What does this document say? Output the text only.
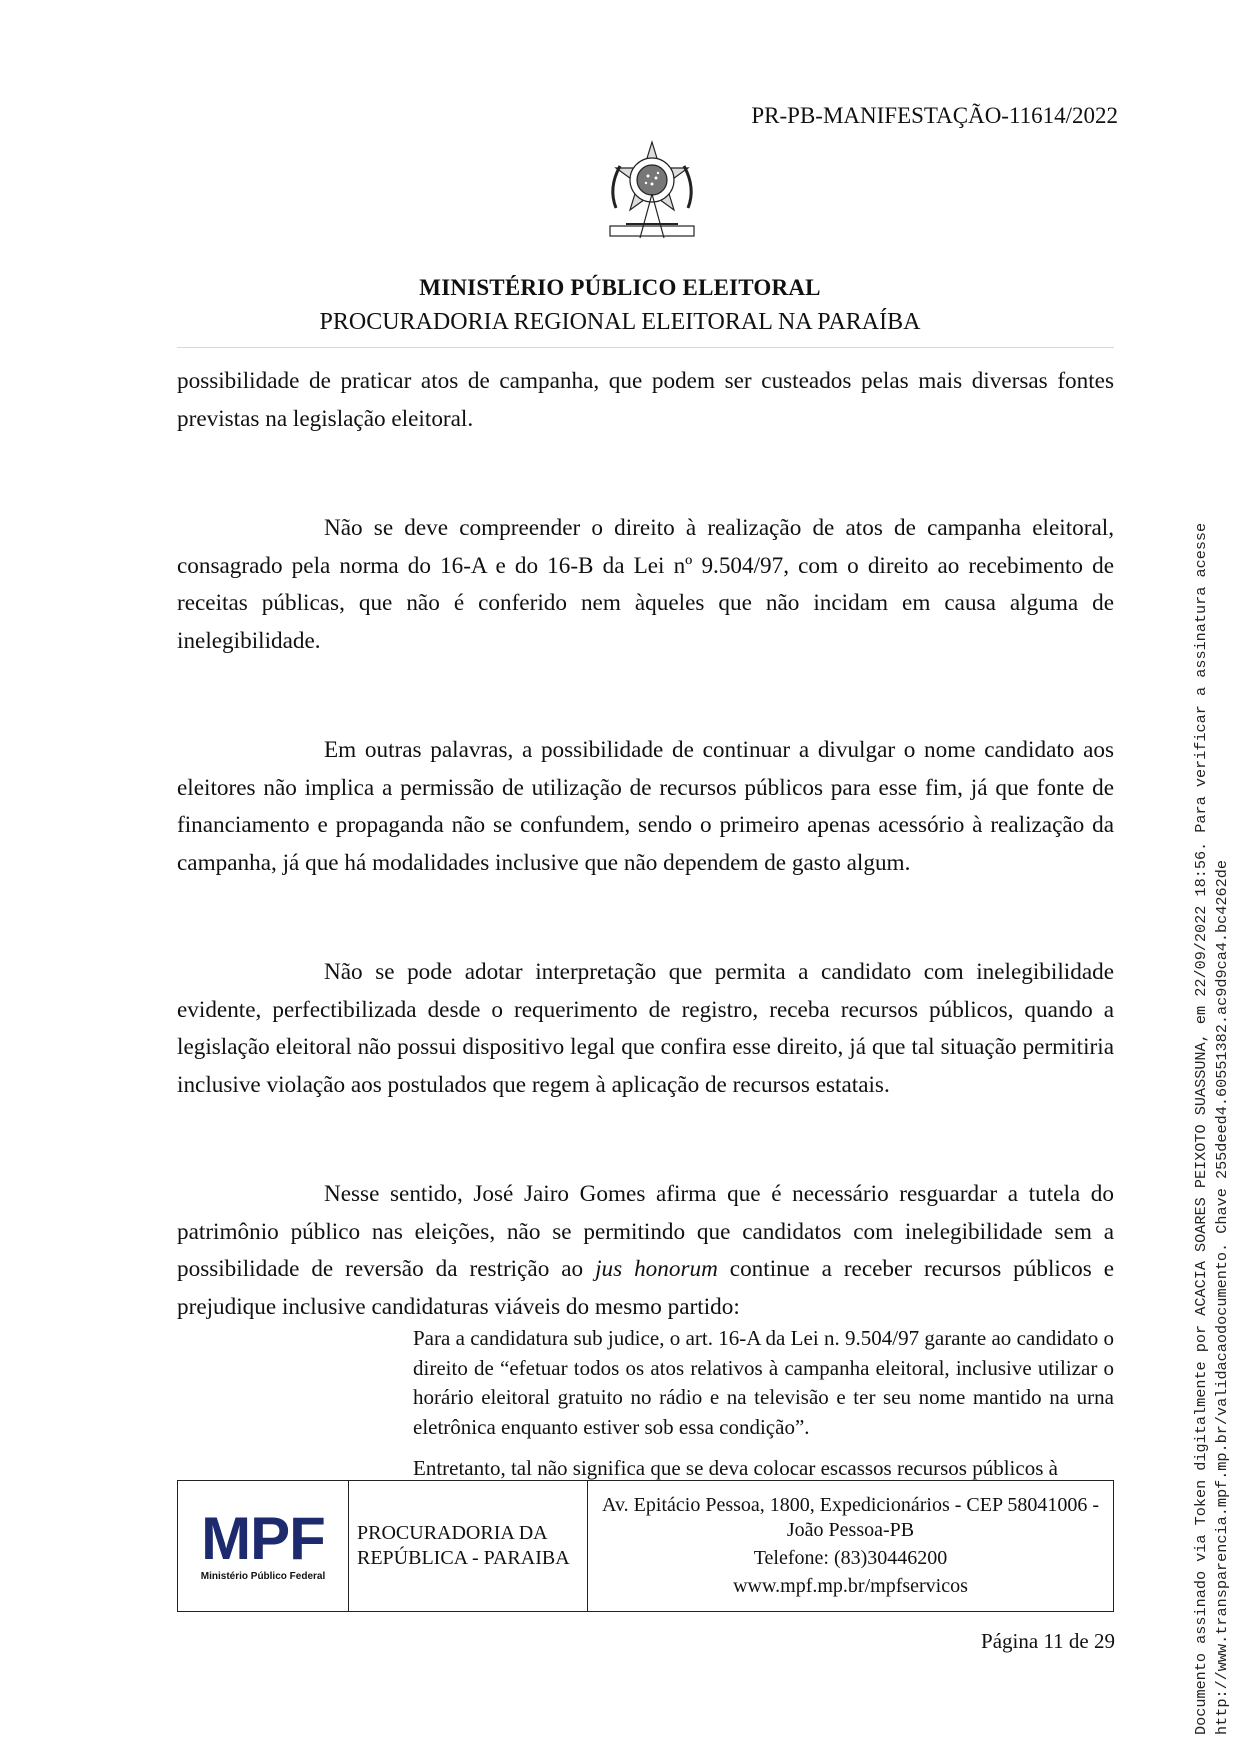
PR-PB-MANIFESTAÇÃO-11614/2022
MINISTÉRIO PÚBLICO ELEITORAL
PROCURADORIA REGIONAL ELEITORAL NA PARAÍBA

possibilidade de praticar atos de campanha, que podem ser custeados pelas mais diversas fontes previstas na legislação eleitoral.

Não se deve compreender o direito à realização de atos de campanha eleitoral, consagrado pela norma do 16-A e do 16-B da Lei nº 9.504/97, com o direito ao recebimento de receitas públicas, que não é conferido nem àqueles que não incidam em causa alguma de inelegibilidade.

Em outras palavras, a possibilidade de continuar a divulgar o nome candidato aos eleitores não implica a permissão de utilização de recursos públicos para esse fim, já que fonte de financiamento e propaganda não se confundem, sendo o primeiro apenas acessório à realização da campanha, já que há modalidades inclusive que não dependem de gasto algum.

Não se pode adotar interpretação que permita a candidato com inelegibilidade evidente, perfectibilizada desde o requerimento de registro, receba recursos públicos, quando a legislação eleitoral não possui dispositivo legal que confira esse direito, já que tal situação permitiria inclusive violação aos postulados que regem à aplicação de recursos estatais.

Nesse sentido, José Jairo Gomes afirma que é necessário resguardar a tutela do patrimônio público nas eleições, não se permitindo que candidatos com inelegibilidade sem a possibilidade de reversão da restrição ao jus honorum continue a receber recursos públicos e prejudique inclusive candidaturas viáveis do mesmo partido:

Para a candidatura sub judice, o art. 16-A da Lei n. 9.504/97 garante ao candidato o direito de “efetuar todos os atos relativos à campanha eleitoral, inclusive utilizar o horário eleitoral gratuito no rádio e na televisão e ter seu nome mantido na urna eletrônica enquanto estiver sob essa condição”.

Entretanto, tal não significa que se deva colocar escassos recursos públicos à

MPF
Ministério Público Federal
	PROCURADORIA DA REPÚBLICA - PARAIBA	
Av. Epitácio Pessoa, 1800, Expedicionários - CEP 58041006 - João Pessoa-PB
Telefone: (83)30446200
www.mpf.mp.br/mpfservicos
Página 11 de 29	Documento assinado via Token digitalmente por ACACIA SOARES PEIXOTO SUASSUNA, em 22/09/2022 18:56. Para verificar a assinatura acesse http://www.transparencia.mpf.mp.br/validacaodocumento. Chave 255deed4.60551382.ac9d9ca4.bc4262de
